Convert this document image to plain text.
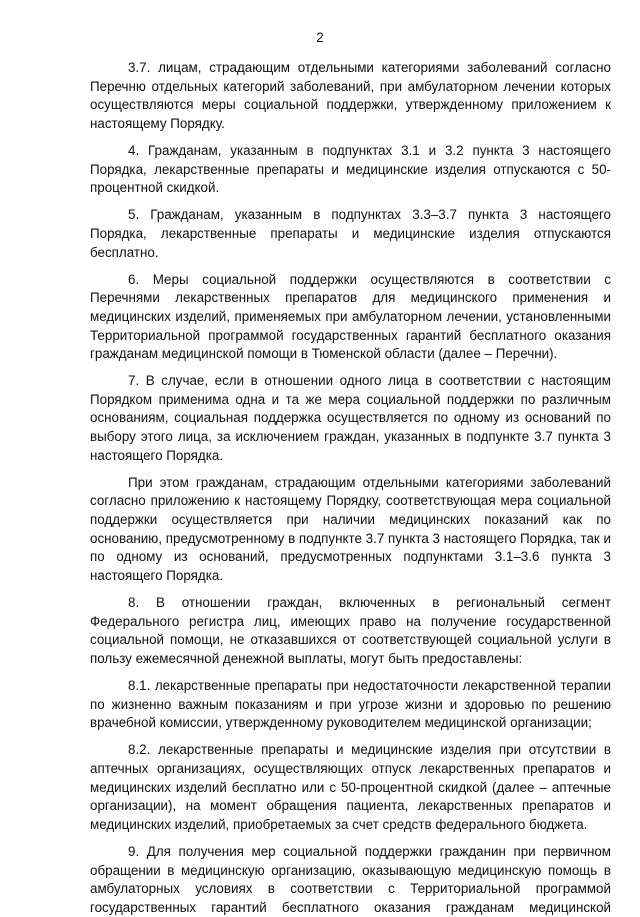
2

3.7. лицам, страдающим отдельными категориями заболеваний согласно Перечню отдельных категорий заболеваний, при амбулаторном лечении которых осуществляются меры социальной поддержки, утвержденному приложением к настоящему Порядку.

4. Гражданам, указанным в подпунктах 3.1 и 3.2 пункта 3 настоящего Порядка, лекарственные препараты и медицинские изделия отпускаются с 50-процентной скидкой.

5. Гражданам, указанным в подпунктах 3.3–3.7 пункта 3 настоящего Порядка, лекарственные препараты и медицинские изделия отпускаются бесплатно.

6. Меры социальной поддержки осуществляются в соответствии с Перечнями лекарственных препаратов для медицинского применения и медицинских изделий, применяемых при амбулаторном лечении, установленными Территориальной программой государственных гарантий бесплатного оказания гражданам медицинской помощи в Тюменской области (далее – Перечни).

7. В случае, если в отношении одного лица в соответствии с настоящим Порядком применима одна и та же мера социальной поддержки по различным основаниям, социальная поддержка осуществляется по одному из оснований по выбору этого лица, за исключением граждан, указанных в подпункте 3.7 пункта 3 настоящего Порядка.

При этом гражданам, страдающим отдельными категориями заболеваний согласно приложению к настоящему Порядку, соответствующая мера социальной поддержки осуществляется при наличии медицинских показаний как по основанию, предусмотренному в подпункте 3.7 пункта 3 настоящего Порядка, так и по одному из оснований, предусмотренных подпунктами 3.1–3.6 пункта 3 настоящего Порядка.

8. В отношении граждан, включенных в региональный сегмент Федерального регистра лиц, имеющих право на получение государственной социальной помощи, не отказавшихся от соответствующей социальной услуги в пользу ежемесячной денежной выплаты, могут быть предоставлены:

8.1. лекарственные препараты при недостаточности лекарственной терапии по жизненно важным показаниям и при угрозе жизни и здоровью по решению врачебной комиссии, утвержденному руководителем медицинской организации;

8.2. лекарственные препараты и медицинские изделия при отсутствии в аптечных организациях, осуществляющих отпуск лекарственных препаратов и медицинских изделий бесплатно или с 50-процентной скидкой (далее – аптечные организации), на момент обращения пациента, лекарственных препаратов и медицинских изделий, приобретаемых за счет средств федерального бюджета.

9. Для получения мер социальной поддержки гражданин при первичном обращении в медицинскую организацию, оказывающую медицинскую помощь в амбулаторных условиях в соответствии с Территориальной программой государственных гарантий бесплатного оказания гражданам медицинской
